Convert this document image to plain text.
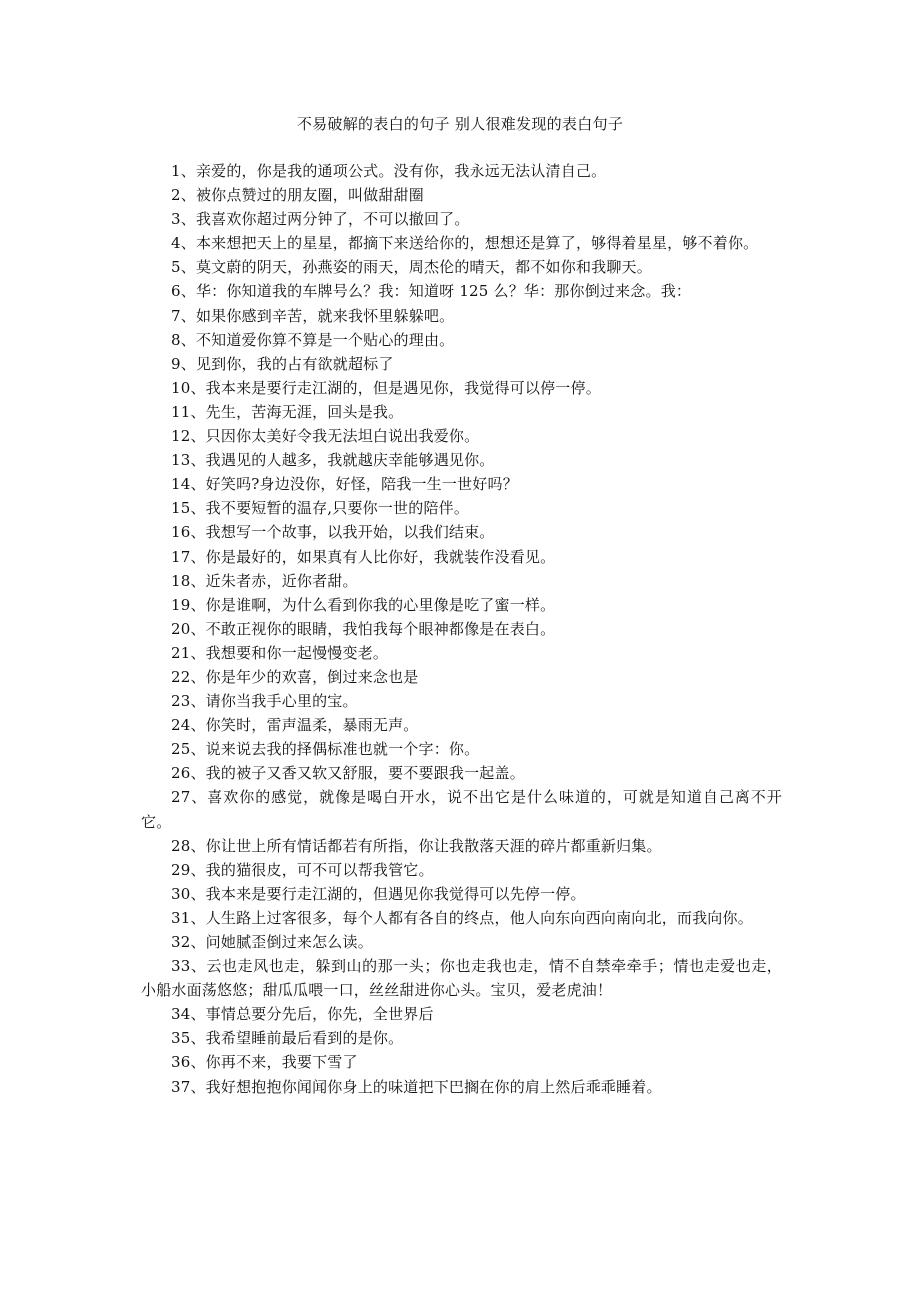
不易破解的表白的句子 别人很难发现的表白句子

1、亲爱的，你是我的通项公式。没有你，我永远无法认清自己。

2、被你点赞过的朋友圈，叫做甜甜圈

3、我喜欢你超过两分钟了，不可以撤回了。

4、本来想把天上的星星，都摘下来送给你的，想想还是算了，够得着星星，够不着你。

5、莫文蔚的阴天，孙燕姿的雨天，周杰伦的晴天，都不如你和我聊天。

6、华：你知道我的车牌号么？我：知道呀 125 么？华：那你倒过来念。我：

7、如果你感到辛苦，就来我怀里躲躲吧。

8、不知道爱你算不算是一个贴心的理由。

9、见到你，我的占有欲就超标了

10、我本来是要行走江湖的，但是遇见你，我觉得可以停一停。

11、先生，苦海无涯，回头是我。

12、只因你太美好令我无法坦白说出我爱你。

13、我遇见的人越多，我就越庆幸能够遇见你。

14、好笑吗?身边没你，好怪，陪我一生一世好吗？

15、我不要短暂的温存,只要你一世的陪伴。

16、我想写一个故事，以我开始，以我们结束。

17、你是最好的，如果真有人比你好，我就装作没看见。

18、近朱者赤，近你者甜。

19、你是谁啊，为什么看到你我的心里像是吃了蜜一样。

20、不敢正视你的眼睛，我怕我每个眼神都像是在表白。

21、我想要和你一起慢慢变老。

22、你是年少的欢喜，倒过来念也是

23、请你当我手心里的宝。

24、你笑时，雷声温柔，暴雨无声。

25、说来说去我的择偶标准也就一个字：你。

26、我的被子又香又软又舒服，要不要跟我一起盖。

27、喜欢你的感觉，就像是喝白开水，说不出它是什么味道的，可就是知道自己离不开它。

28、你让世上所有情话都若有所指，你让我散落天涯的碎片都重新归集。

29、我的猫很皮，可不可以帮我管它。

30、我本来是要行走江湖的，但遇见你我觉得可以先停一停。

31、人生路上过客很多，每个人都有各自的终点，他人向东向西向南向北，而我向你。

32、问她腻歪倒过来怎么读。

33、云也走风也走，躲到山的那一头；你也走我也走，情不自禁牵牵手；情也走爱也走，小船水面荡悠悠；甜瓜瓜喂一口，丝丝甜进你心头。宝贝，爱老虎油！

34、事情总要分先后，你先，全世界后

35、我希望睡前最后看到的是你。

36、你再不来，我要下雪了

37、我好想抱抱你闻闻你身上的味道把下巴搁在你的肩上然后乖乖睡着。
